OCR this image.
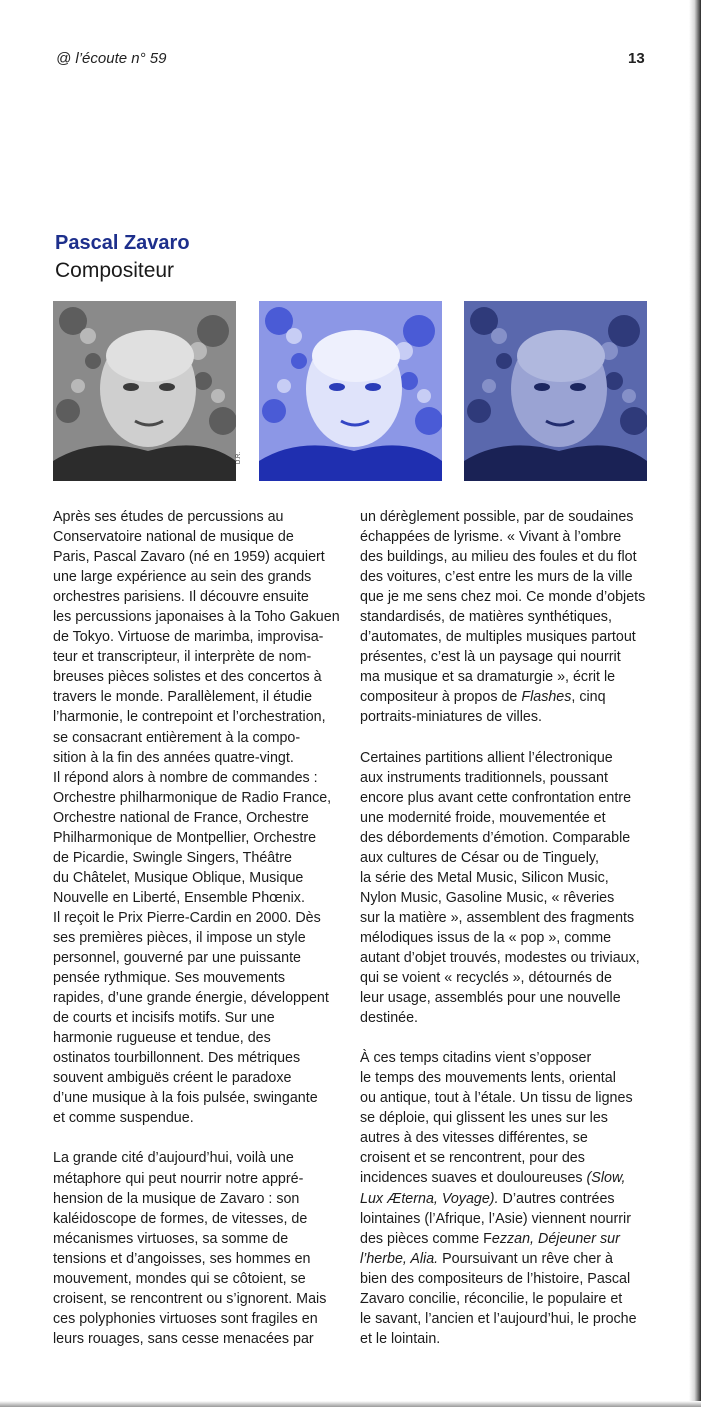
@ l’écoute n° 59	13
Pascal Zavaro
Compositeur
D.R.

Après ses études de percussions au
Conservatoire national de musique de
Paris, Pascal Zavaro (né en 1959) acquiert
une large expérience au sein des grands
orchestres parisiens. Il découvre ensuite
les percussions japonaises à la Toho Gakuen
de Tokyo. Virtuose de marimba, improvisa-
teur et transcripteur, il interprète de nom-
breuses pièces solistes et des concertos à
travers le monde. Parallèlement, il étudie
l’harmonie, le contrepoint et l’orchestration,
se consacrant entièrement à la compo-
sition à la fin des années quatre-vingt.
Il répond alors à nombre de commandes :
Orchestre philharmonique de Radio France,
Orchestre national de France, Orchestre
Philharmonique de Montpellier, Orchestre
de Picardie, Swingle Singers, Théâtre
du Châtelet, Musique Oblique, Musique
Nouvelle en Liberté, Ensemble Phœnix.
Il reçoit le Prix Pierre-Cardin en 2000. Dès
ses premières pièces, il impose un style
personnel, gouverné par une puissante
pensée rythmique. Ses mouvements
rapides, d’une grande énergie, développent
de courts et incisifs motifs. Sur une
harmonie rugueuse et tendue, des
ostinatos tourbillonnent. Des métriques
souvent ambiguës créent le paradoxe
d’une musique à la fois pulsée, swingante
et comme suspendue.

La grande cité d’aujourd’hui, voilà une
métaphore qui peut nourrir notre appré-
hension de la musique de Zavaro : son
kaléidoscope de formes, de vitesses, de
mécanismes virtuoses, sa somme de
tensions et d’angoisses, ses hommes en
mouvement, mondes qui se côtoient, se
croisent, se rencontrent ou s’ignorent. Mais
ces polyphonies virtuoses sont fragiles en
leurs rouages, sans cesse menacées par

un dérèglement possible, par de soudaines
échappées de lyrisme. « Vivant à l’ombre
des buildings, au milieu des foules et du flot
des voitures, c’est entre les murs de la ville
que je me sens chez moi. Ce monde d’objets
standardisés, de matières synthétiques,
d’automates, de multiples musiques partout
présentes, c’est là un paysage qui nourrit
ma musique et sa dramaturgie », écrit le
compositeur à propos de Flashes, cinq
portraits-miniatures de villes.

Certaines partitions allient l’électronique
aux instruments traditionnels, poussant
encore plus avant cette confrontation entre
une modernité froide, mouvementée et
des débordements d’émotion. Comparable
aux cultures de César ou de Tinguely,
la série des Metal Music, Silicon Music,
Nylon Music, Gasoline Music, « rêveries
sur la matière », assemblent des fragments
mélodiques issus de la « pop », comme
autant d’objet trouvés, modestes ou triviaux,
qui se voient « recyclés », détournés de
leur usage, assemblés pour une nouvelle
destinée.

À ces temps citadins vient s’opposer
le temps des mouvements lents, oriental
ou antique, tout à l’étale. Un tissu de lignes
se déploie, qui glissent les unes sur les
autres à des vitesses différentes, se
croisent et se rencontrent, pour des
incidences suaves et douloureuses (Slow,
Lux Æterna, Voyage). D’autres contrées
lointaines (l’Afrique, l’Asie) viennent nourrir
des pièces comme Fezzan, Déjeuner sur
l’herbe, Alia. Poursuivant un rêve cher à
bien des compositeurs de l’histoire, Pascal
Zavaro concilie, réconcilie, le populaire et
le savant, l’ancien et l’aujourd’hui, le proche
et le lointain.
